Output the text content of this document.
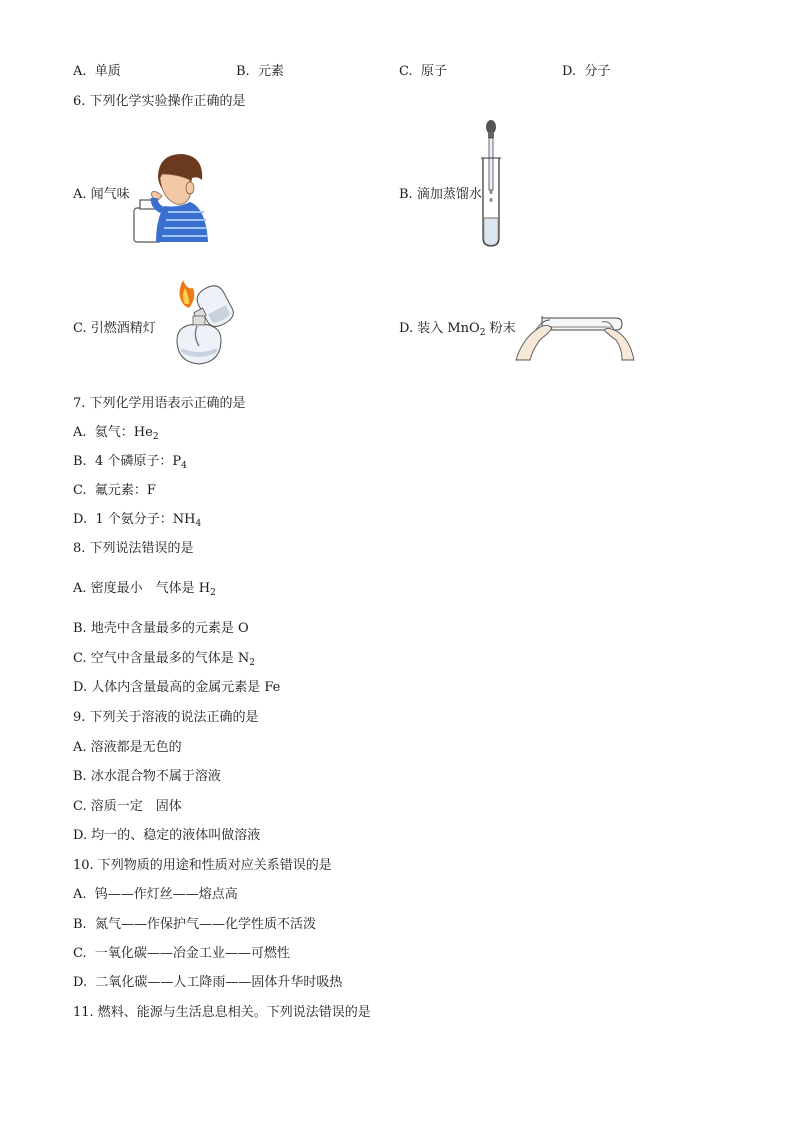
A. 单质	B. 元素	C. 原子	D. 分子
6. 下列化学实验操作正确的是
A. 闻气味	B. 滴加蒸馏水
C. 引燃酒精灯	D. 装入 MnO$_2$ 粉末
7. 下列化学用语表示正确的是
A. 氦气：$He_2$
B. 4 个磷原子：$P_4$
C. 氟元素：F
D. 1 个氨分子：$NH_4$
8. 下列说法错误的是
A. 密度最小　气体是 $H_2$
B. 地壳中含量最多的元素是 O
C. 空气中含量最多的气体是 $N_2$
D. 人体内含量最高的金属元素是 Fe
9. 下列关于溶液的说法正确的是
A. 溶液都是无色的
B. 冰水混合物不属于溶液
C. 溶质一定　固体
D. 均一的、稳定的液体叫做溶液
10. 下列物质的用途和性质对应关系错误的是
A. 钨——作灯丝——熔点高
B. 氮气——作保护气——化学性质不活泼
C. 一氧化碳——冶金工业——可燃性
D. 二氧化碳——人工降雨——固体升华时吸热
11. 燃料、能源与生活息息相关。下列说法错误的是
